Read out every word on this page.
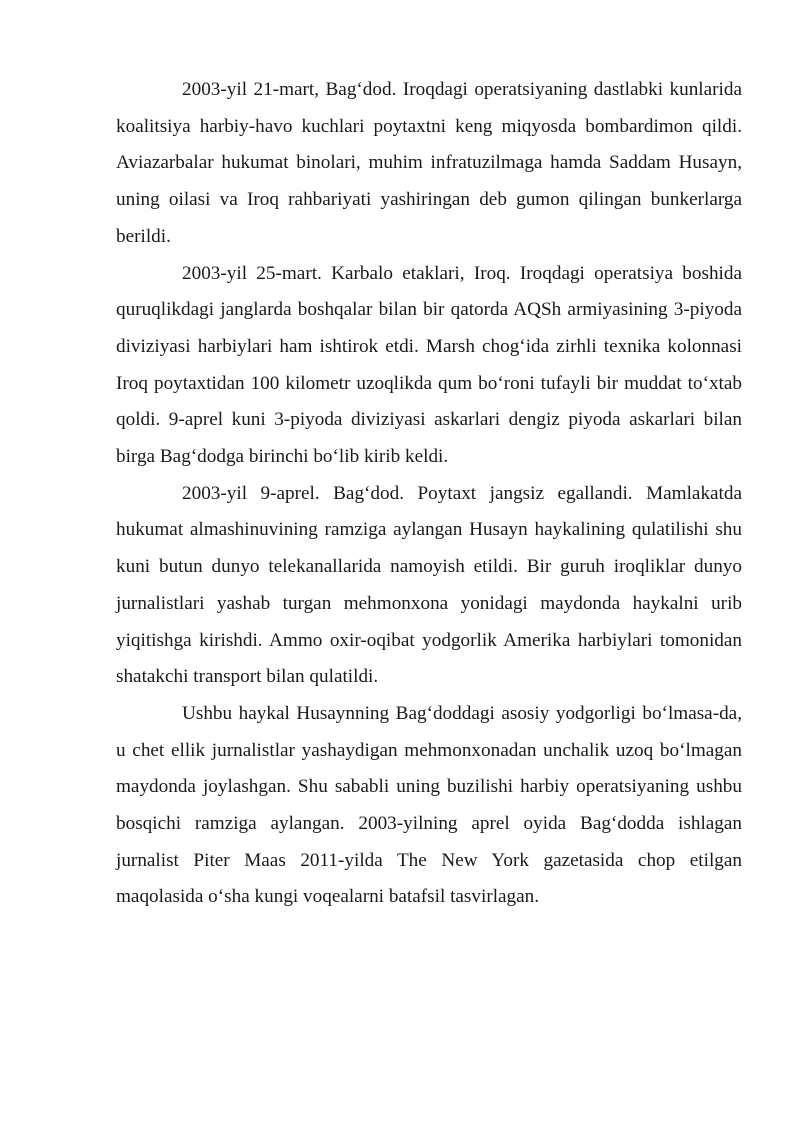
2003-yil 21-mart, Bag‘dod. Iroqdagi operatsiyaning dastlabki kunlarida koalitsiya harbiy-havo kuchlari poytaxtni keng miqyosda bombardimon qildi. Aviazarbalar hukumat binolari, muhim infratuzilmaga hamda Saddam Husayn, uning oilasi va Iroq rahbariyati yashiringan deb gumon qilingan bunkerlarga berildi.

2003-yil 25-mart. Karbalo etaklari, Iroq. Iroqdagi operatsiya boshida quruqlikdagi janglarda boshqalar bilan bir qatorda AQSh armiyasining 3-piyoda diviziyasi harbiylari ham ishtirok etdi. Marsh chog‘ida zirhli texnika kolonnasi Iroq poytaxtidan 100 kilometr uzoqlikda qum bo‘roni tufayli bir muddat to‘xtab qoldi. 9-aprel kuni 3-piyoda diviziyasi askarlari dengiz piyoda askarlari bilan birga Bag‘dodga birinchi bo‘lib kirib keldi.

2003-yil 9-aprel. Bag‘dod. Poytaxt jangsiz egallandi. Mamlakatda hukumat almashinuvining ramziga aylangan Husayn haykalining qulatilishi shu kuni butun dunyo telekanallarida namoyish etildi. Bir guruh iroqliklar dunyo jurnalistlari yashab turgan mehmonxona yonidagi maydonda haykalni urib yiqitishga kirishdi. Ammo oxir-oqibat yodgorlik Amerika harbiylari tomonidan shatakchi transport bilan qulatildi.

Ushbu haykal Husaynning Bag‘doddagi asosiy yodgorligi bo‘lmasa-da, u chet ellik jurnalistlar yashaydigan mehmonxonadan unchalik uzoq bo‘lmagan maydonda joylashgan. Shu sababli uning buzilishi harbiy operatsiyaning ushbu bosqichi ramziga aylangan. 2003-yilning aprel oyida Bag‘dodda ishlagan jurnalist Piter Maas 2011-yilda The New York gazetasida chop etilgan maqolasida o‘sha kungi voqealarni batafsil tasvirlagan.
